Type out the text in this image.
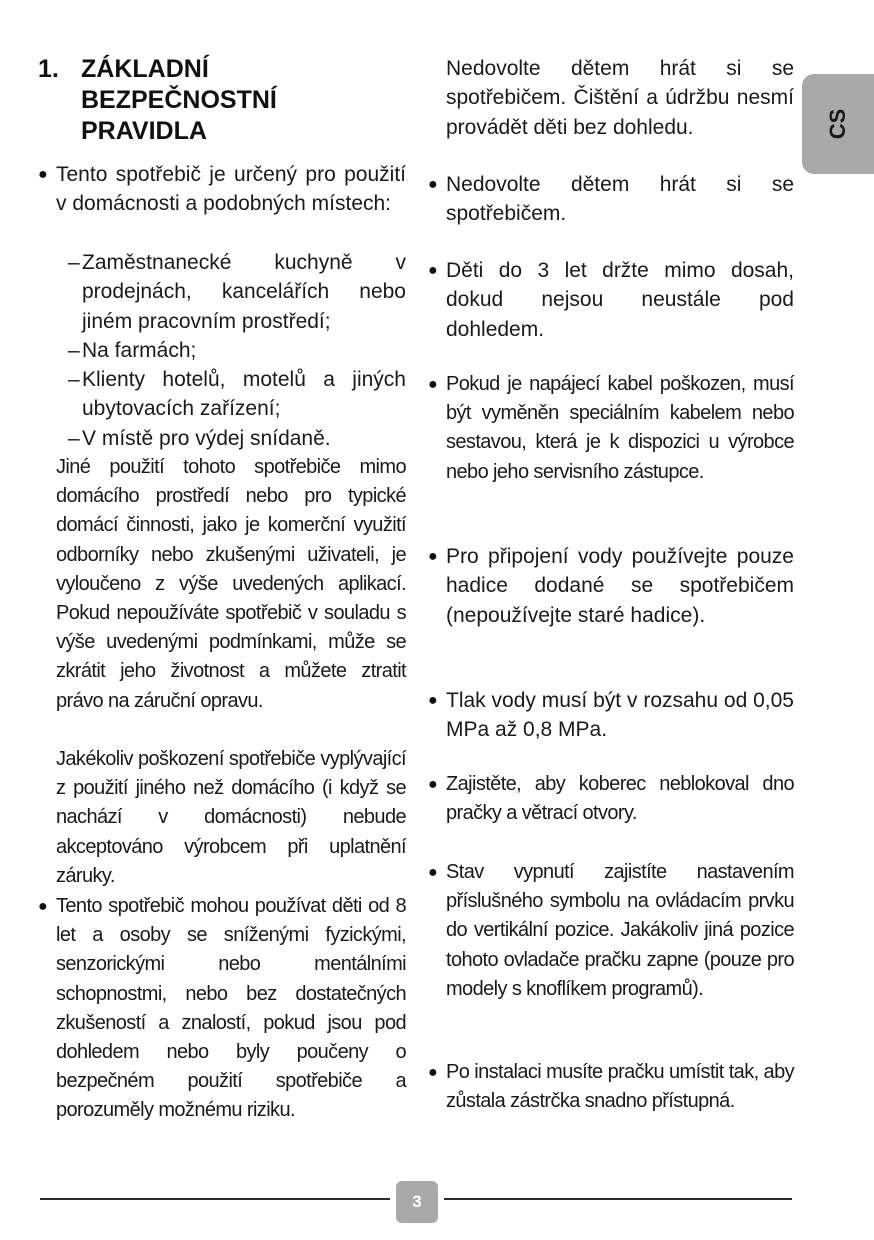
1. ZÁKLADNÍ BEZPEČNOSTNÍ PRAVIDLA
● Tento spotřebič je určený pro použití v domácnosti a podobných místech:
– Zaměstnanecké kuchyně v prodejnách, kancelářích nebo jiném pracovním prostředí;
– Na farmách;
– Klienty hotelů, motelů a jiných ubytovacích zařízení;
– V místě pro výdej snídaně.
Jiné použití tohoto spotřebiče mimo domácího prostředí nebo pro typické domácí činnosti, jako je komerční využití odborníky nebo zkušenými uživateli, je vyloučeno z výše uvedených aplikací. Pokud nepoužíváte spotřebič v souladu s výše uvedenými podmínkami, může se zkrátit jeho životnost a můžete ztratit právo na záruční opravu.
Jakékoliv poškození spotřebiče vyplývající z použití jiného než domácího (i když se nachází v domácnosti) nebude akceptováno výrobcem při uplatnění záruky.
● Tento spotřebič mohou používat děti od 8 let a osoby se sníženými fyzickými, senzorickými nebo mentálními schopnostmi, nebo bez dostatečných zkušeností a znalostí, pokud jsou pod dohledem nebo byly poučeny o bezpečném použití spotřebiče a porozuměly možnému riziku.
Nedovolte dětem hrát si se spotřebičem. Čištění a údržbu nesmí provádět děti bez dohledu.
● Nedovolte dětem hrát si se spotřebičem.
● Děti do 3 let držte mimo dosah, dokud nejsou neustále pod dohledem.
● Pokud je napájecí kabel poškozen, musí být vyměněn speciálním kabelem nebo sestavou, která je k dispozici u výrobce nebo jeho servisního zástupce.
● Pro připojení vody používejte pouze hadice dodané se spotřebičem (nepoužívejte staré hadice).
● Tlak vody musí být v rozsahu od 0,05 MPa až 0,8 MPa.
● Zajistěte, aby koberec neblokoval dno pračky a větrací otvory.
● Stav vypnutí zajistíte nastavením příslušného symbolu na ovládacím prvku do vertikální pozice. Jakákoliv jiná pozice tohoto ovladače pračku zapne (pouze pro modely s knoflíkem programů).
● Po instalaci musíte pračku umístit tak, aby zůstala zástrčka snadno přístupná.
CS
3
